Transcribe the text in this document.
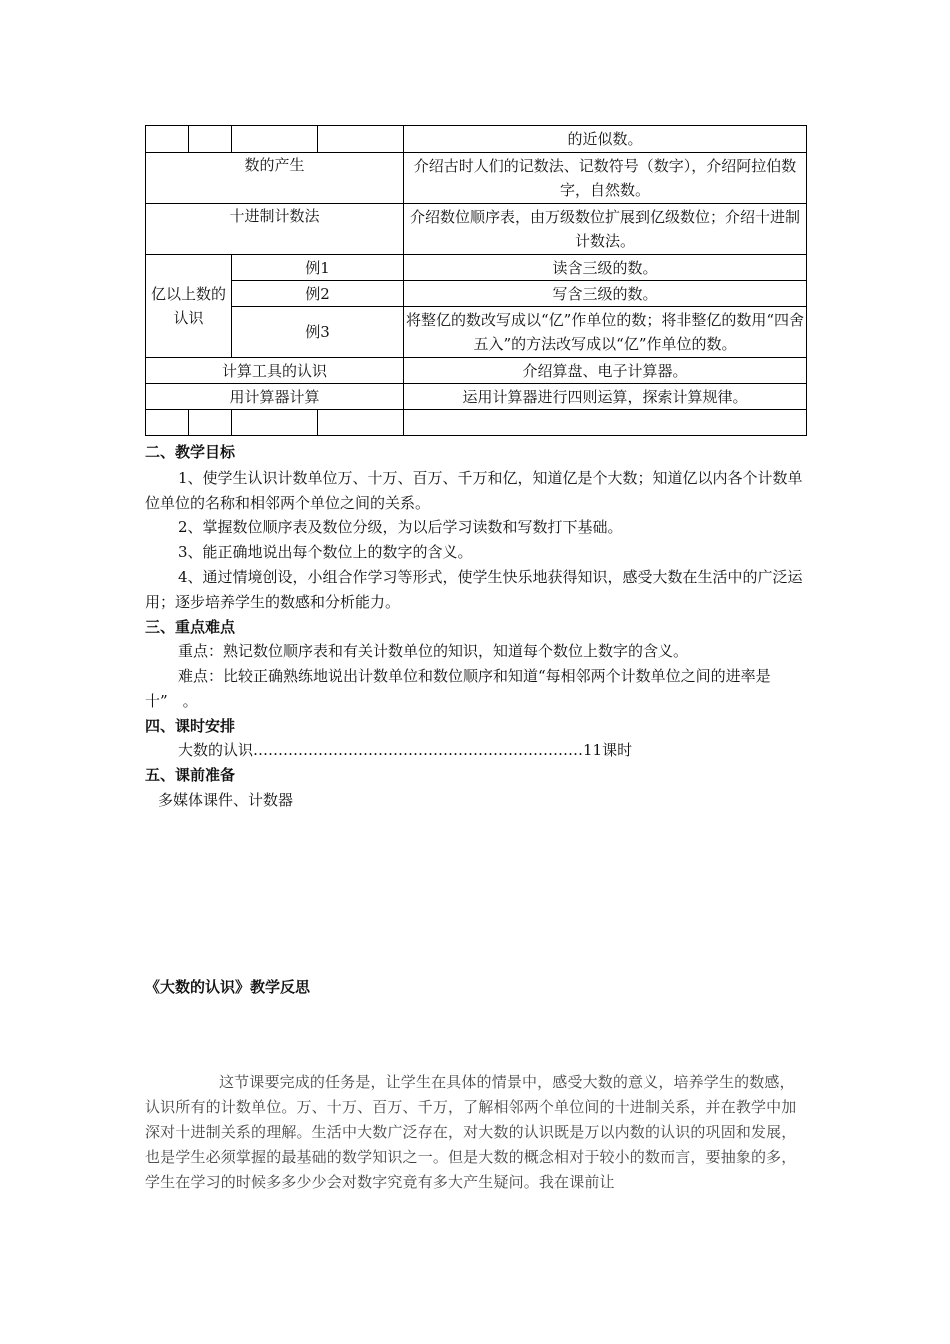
				的近似数。
数的产生				介绍古时人们的记数法、记数符号（数字），介绍阿拉伯数字，自然数。
十进制计数法				介绍数位顺序表，由万级数位扩展到亿级数位；介绍十进制计数法。
亿以上数的认识		例1		读含三级的数。
		例2		写含三级的数。
		例3		将整亿的数改写成以“亿”作单位的数；将非整亿的数用“四舍五入”的方法改写成以“亿”作单位的数。
计算工具的认识				介绍算盘、电子计算器。
用计算器计算				运用计算器进行四则运算，探索计算规律。

二、教学目标
1、使学生认识计数单位万、十万、百万、千万和亿，知道亿是个大数；知道亿以内各个计数单位单位的名称和相邻两个单位之间的关系。
2、掌握数位顺序表及数位分级，为以后学习读数和写数打下基础。
3、能正确地说出每个数位上的数字的含义。
4、通过情境创设，小组合作学习等形式，使学生快乐地获得知识，感受大数在生活中的广泛运用；逐步培养学生的数感和分析能力。
三、重点难点
重点：熟记数位顺序表和有关计数单位的知识，知道每个数位上数字的含义。
难点：比较正确熟练地说出计数单位和数位顺序和知道“每相邻两个计数单位之间的进率是　十”　。
四、课时安排
大数的认识…………………………………………………………11课时
五、课前准备
多媒体课件、计数器
《大数的认识》教学反思
这节课要完成的任务是，让学生在具体的情景中，感受大数的意义，培养学生的数感，认识所有的计数单位。万、十万、百万、千万，了解相邻两个单位间的十进制关系，并在教学中加深对十进制关系的理解。生活中大数广泛存在，对大数的认识既是万以内数的认识的巩固和发展，也是学生必须掌握的最基础的数学知识之一。但是大数的概念相对于较小的数而言，要抽象的多，学生在学习的时候多多少少会对数字究竟有多大产生疑问。我在课前让
